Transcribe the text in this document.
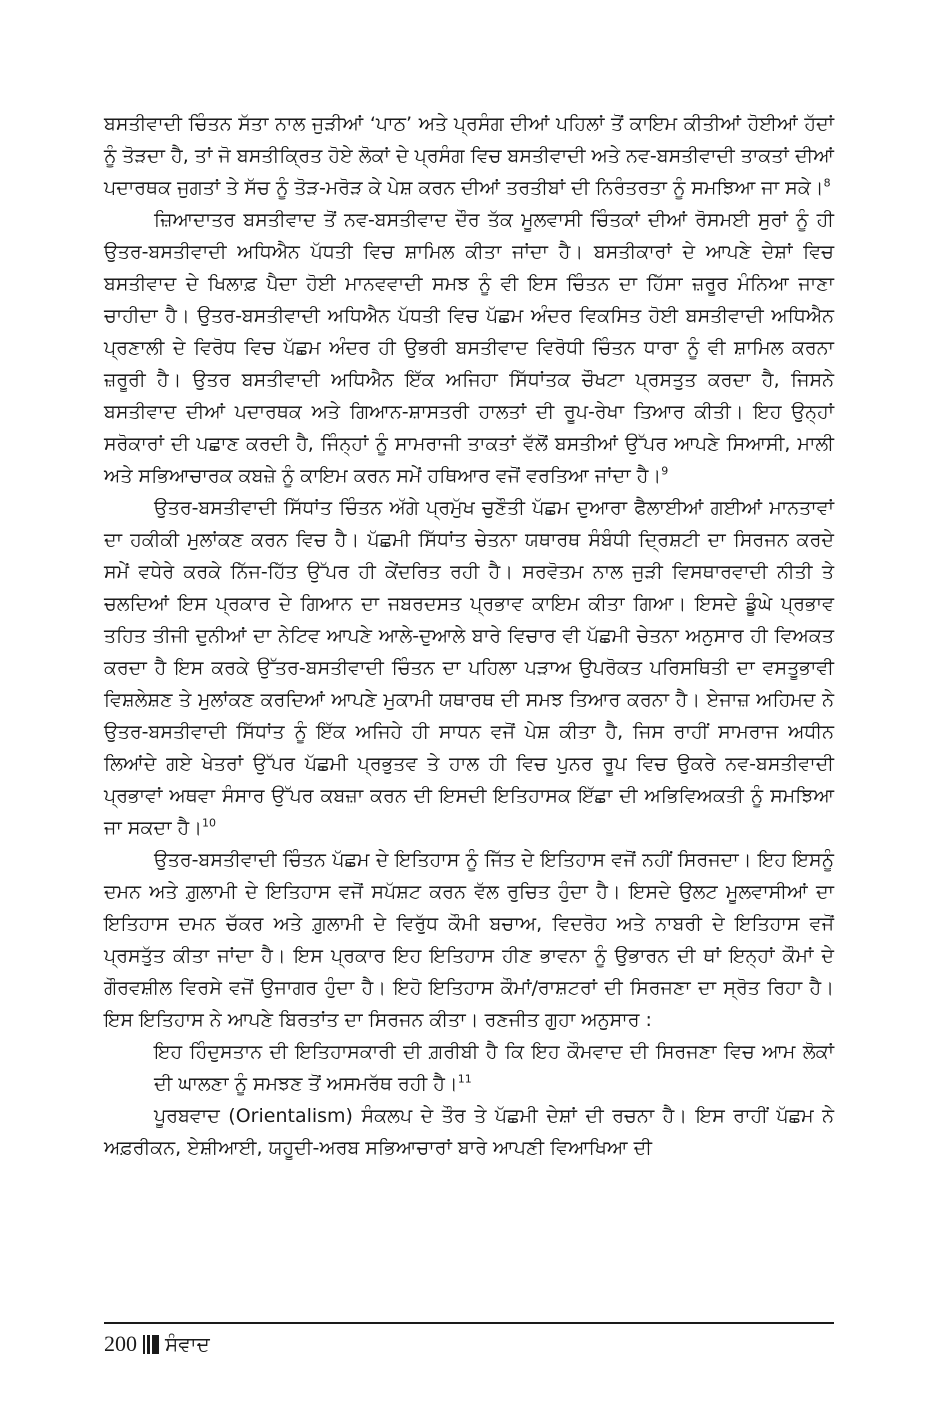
ਬਸਤੀਵਾਦੀ ਚਿੰਤਨ ਸੱਤਾ ਨਾਲ ਜੁੜੀਆਂ ‘ਪਾਠ’ ਅਤੇ ਪ੍ਰਸੰਗ ਦੀਆਂ ਪਹਿਲਾਂ ਤੋਂ ਕਾਇਮ ਕੀਤੀਆਂ ਹੋਈਆਂ ਹੱਦਾਂ ਨੂੰ ਤੋੜਦਾ ਹੈ, ਤਾਂ ਜੋ ਬਸਤੀਕ੍ਰਿਤ ਹੋਏ ਲੋਕਾਂ ਦੇ ਪ੍ਰਸੰਗ ਵਿਚ ਬਸਤੀਵਾਦੀ ਅਤੇ ਨਵ-ਬਸਤੀਵਾਦੀ ਤਾਕਤਾਂ ਦੀਆਂ ਪਦਾਰਥਕ ਜੁਗਤਾਂ ਤੇ ਸੱਚ ਨੂੰ ਤੋੜ-ਮਰੋੜ ਕੇ ਪੇਸ਼ ਕਰਨ ਦੀਆਂ ਤਰਤੀਬਾਂ ਦੀ ਨਿਰੰਤਰਤਾ ਨੂੰ ਸਮਝਿਆ ਜਾ ਸਕੇ।$^8$

ਜ਼ਿਆਦਾਤਰ ਬਸਤੀਵਾਦ ਤੋਂ ਨਵ-ਬਸਤੀਵਾਦ ਦੌਰ ਤੱਕ ਮੂਲਵਾਸੀ ਚਿੰਤਕਾਂ ਦੀਆਂ ਰੋਸਮਈ ਸੁਰਾਂ ਨੂੰ ਹੀ ਉਤਰ-ਬਸਤੀਵਾਦੀ ਅਧਿਐਨ ਪੱਧਤੀ ਵਿਚ ਸ਼ਾਮਿਲ ਕੀਤਾ ਜਾਂਦਾ ਹੈ। ਬਸਤੀਕਾਰਾਂ ਦੇ ਆਪਣੇ ਦੇਸ਼ਾਂ ਵਿਚ ਬਸਤੀਵਾਦ ਦੇ ਖਿਲਾਫ਼ ਪੈਦਾ ਹੋਈ ਮਾਨਵਵਾਦੀ ਸਮਝ ਨੂੰ ਵੀ ਇਸ ਚਿੰਤਨ ਦਾ ਹਿੱਸਾ ਜ਼ਰੂਰ ਮੰਨਿਆ ਜਾਣਾ ਚਾਹੀਦਾ ਹੈ। ਉਤਰ-ਬਸਤੀਵਾਦੀ ਅਧਿਐਨ ਪੱਧਤੀ ਵਿਚ ਪੱਛਮ ਅੰਦਰ ਵਿਕਸਿਤ ਹੋਈ ਬਸਤੀਵਾਦੀ ਅਧਿਐਨ ਪ੍ਰਣਾਲੀ ਦੇ ਵਿਰੋਧ ਵਿਚ ਪੱਛਮ ਅੰਦਰ ਹੀ ਉਭਰੀ ਬਸਤੀਵਾਦ ਵਿਰੋਧੀ ਚਿੰਤਨ ਧਾਰਾ ਨੂੰ ਵੀ ਸ਼ਾਮਿਲ ਕਰਨਾ ਜ਼ਰੂਰੀ ਹੈ। ਉਤਰ ਬਸਤੀਵਾਦੀ ਅਧਿਐਨ ਇੱਕ ਅਜਿਹਾ ਸਿੱਧਾਂਤਕ ਚੌਖਟਾ ਪ੍ਰਸਤੁਤ ਕਰਦਾ ਹੈ, ਜਿਸਨੇ ਬਸਤੀਵਾਦ ਦੀਆਂ ਪਦਾਰਥਕ ਅਤੇ ਗਿਆਨ-ਸ਼ਾਸਤਰੀ ਹਾਲਤਾਂ ਦੀ ਰੂਪ-ਰੇਖਾ ਤਿਆਰ ਕੀਤੀ। ਇਹ ਉਨ੍ਹਾਂ ਸਰੋਕਾਰਾਂ ਦੀ ਪਛਾਣ ਕਰਦੀ ਹੈ, ਜਿੰਨ੍ਹਾਂ ਨੂੰ ਸਾਮਰਾਜੀ ਤਾਕਤਾਂ ਵੱਲੋਂ ਬਸਤੀਆਂ ਉੱਪਰ ਆਪਣੇ ਸਿਆਸੀ, ਮਾਲੀ ਅਤੇ ਸਭਿਆਚਾਰਕ ਕਬਜ਼ੇ ਨੂੰ ਕਾਇਮ ਕਰਨ ਸਮੇਂ ਹਥਿਆਰ ਵਜੋਂ ਵਰਤਿਆ ਜਾਂਦਾ ਹੈ।$^9$

ਉਤਰ-ਬਸਤੀਵਾਦੀ ਸਿੱਧਾਂਤ ਚਿੰਤਨ ਅੱਗੇ ਪ੍ਰਮੁੱਖ ਚੁਣੌਤੀ ਪੱਛਮ ਦੁਆਰਾ ਫੈਲਾਈਆਂ ਗਈਆਂ ਮਾਨਤਾਵਾਂ ਦਾ ਹਕੀਕੀ ਮੁਲਾਂਕਣ ਕਰਨ ਵਿਚ ਹੈ। ਪੱਛਮੀ ਸਿੱਧਾਂਤ ਚੇਤਨਾ ਯਥਾਰਥ ਸੰਬੰਧੀ ਦ੍ਰਿਸ਼ਟੀ ਦਾ ਸਿਰਜਨ ਕਰਦੇ ਸਮੇਂ ਵਧੇਰੇ ਕਰਕੇ ਨਿੱਜ-ਹਿੱਤ ਉੱਪਰ ਹੀ ਕੇਂਦਰਿਤ ਰਹੀ ਹੈ। ਸਰਵੋਤਮ ਨਾਲ ਜੁੜੀ ਵਿਸਥਾਰਵਾਦੀ ਨੀਤੀ ਤੇ ਚਲਦਿਆਂ ਇਸ ਪ੍ਰਕਾਰ ਦੇ ਗਿਆਨ ਦਾ ਜਬਰਦਸਤ ਪ੍ਰਭਾਵ ਕਾਇਮ ਕੀਤਾ ਗਿਆ। ਇਸਦੇ ਡੂੰਘੇ ਪ੍ਰਭਾਵ ਤਹਿਤ ਤੀਜੀ ਦੁਨੀਆਂ ਦਾ ਨੇਟਿਵ ਆਪਣੇ ਆਲੇ-ਦੁਆਲੇ ਬਾਰੇ ਵਿਚਾਰ ਵੀ ਪੱਛਮੀ ਚੇਤਨਾ ਅਨੁਸਾਰ ਹੀ ਵਿਅਕਤ ਕਰਦਾ ਹੈ ਇਸ ਕਰਕੇ ਉੱਤਰ-ਬਸਤੀਵਾਦੀ ਚਿੰਤਨ ਦਾ ਪਹਿਲਾ ਪੜਾਅ ਉਪਰੋਕਤ ਪਰਿਸਥਿਤੀ ਦਾ ਵਸਤੂਭਾਵੀ ਵਿਸ਼ਲੇਸ਼ਣ ਤੇ ਮੁਲਾਂਕਣ ਕਰਦਿਆਂ ਆਪਣੇ ਮੁਕਾਮੀ ਯਥਾਰਥ ਦੀ ਸਮਝ ਤਿਆਰ ਕਰਨਾ ਹੈ। ਏਜਾਜ਼ ਅਹਿਮਦ ਨੇ ਉਤਰ-ਬਸਤੀਵਾਦੀ ਸਿੱਧਾਂਤ ਨੂੰ ਇੱਕ ਅਜਿਹੇ ਹੀ ਸਾਧਨ ਵਜੋਂ ਪੇਸ਼ ਕੀਤਾ ਹੈ, ਜਿਸ ਰਾਹੀਂ ਸਾਮਰਾਜ ਅਧੀਨ ਲਿਆਂਦੇ ਗਏ ਖੇਤਰਾਂ ਉੱਪਰ ਪੱਛਮੀ ਪ੍ਰਭੁਤਵ ਤੇ ਹਾਲ ਹੀ ਵਿਚ ਪੁਨਰ ਰੂਪ ਵਿਚ ਉਕਰੇ ਨਵ-ਬਸਤੀਵਾਦੀ ਪ੍ਰਭਾਵਾਂ ਅਥਵਾ ਸੰਸਾਰ ਉੱਪਰ ਕਬਜ਼ਾ ਕਰਨ ਦੀ ਇਸਦੀ ਇਤਿਹਾਸਕ ਇੱਛਾ ਦੀ ਅਭਿਵਿਅਕਤੀ ਨੂੰ ਸਮਝਿਆ ਜਾ ਸਕਦਾ ਹੈ।$^{10}$

ਉਤਰ-ਬਸਤੀਵਾਦੀ ਚਿੰਤਨ ਪੱਛਮ ਦੇ ਇਤਿਹਾਸ ਨੂੰ ਜਿੱਤ ਦੇ ਇਤਿਹਾਸ ਵਜੋਂ ਨਹੀਂ ਸਿਰਜਦਾ। ਇਹ ਇਸਨੂੰ ਦਮਨ ਅਤੇ ਗ਼ੁਲਾਮੀ ਦੇ ਇਤਿਹਾਸ ਵਜੋਂ ਸਪੱਸ਼ਟ ਕਰਨ ਵੱਲ ਰੁਚਿਤ ਹੁੰਦਾ ਹੈ। ਇਸਦੇ ਉਲਟ ਮੂਲਵਾਸੀਆਂ ਦਾ ਇਤਿਹਾਸ ਦਮਨ ਚੱਕਰ ਅਤੇ ਗ਼ੁਲਾਮੀ ਦੇ ਵਿਰੁੱਧ ਕੌਮੀ ਬਚਾਅ, ਵਿਦਰੋਹ ਅਤੇ ਨਾਬਰੀ ਦੇ ਇਤਿਹਾਸ ਵਜੋਂ ਪ੍ਰਸਤੁੱਤ ਕੀਤਾ ਜਾਂਦਾ ਹੈ। ਇਸ ਪ੍ਰਕਾਰ ਇਹ ਇਤਿਹਾਸ ਹੀਣ ਭਾਵਨਾ ਨੂੰ ਉਭਾਰਨ ਦੀ ਥਾਂ ਇਨ੍ਹਾਂ ਕੌਮਾਂ ਦੇ ਗੌਰਵਸ਼ੀਲ ਵਿਰਸੇ ਵਜੋਂ ਉਜਾਗਰ ਹੁੰਦਾ ਹੈ। ਇਹੋ ਇਤਿਹਾਸ ਕੌਮਾਂ/ਰਾਸ਼ਟਰਾਂ ਦੀ ਸਿਰਜਣਾ ਦਾ ਸ੍ਰੋਤ ਰਿਹਾ ਹੈ। ਇਸ ਇਤਿਹਾਸ ਨੇ ਆਪਣੇ ਬਿਰਤਾਂਤ ਦਾ ਸਿਰਜਨ ਕੀਤਾ। ਰਣਜੀਤ ਗੁਹਾ ਅਨੁਸਾਰ :

ਇਹ ਹਿੰਦੁਸਤਾਨ ਦੀ ਇਤਿਹਾਸਕਾਰੀ ਦੀ ਗ਼ਰੀਬੀ ਹੈ ਕਿ ਇਹ ਕੌਮਵਾਦ ਦੀ ਸਿਰਜਣਾ ਵਿਚ ਆਮ ਲੋਕਾਂ ਦੀ ਘਾਲਣਾ ਨੂੰ ਸਮਝਣ ਤੋਂ ਅਸਮਰੱਥ ਰਹੀ ਹੈ।$^{11}$

ਪੂਰਬਵਾਦ (Orientalism) ਸੰਕਲਪ ਦੇ ਤੌਰ ਤੇ ਪੱਛਮੀ ਦੇਸ਼ਾਂ ਦੀ ਰਚਨਾ ਹੈ। ਇਸ ਰਾਹੀਂ ਪੱਛਮ ਨੇ ਅਫ਼ਰੀਕਨ, ਏਸ਼ੀਆਈ, ਯਹੂਦੀ-ਅਰਬ ਸਭਿਆਚਾਰਾਂ ਬਾਰੇ ਆਪਣੀ ਵਿਆਖਿਆ ਦੀ

200 ਸੰਵਾਦ
